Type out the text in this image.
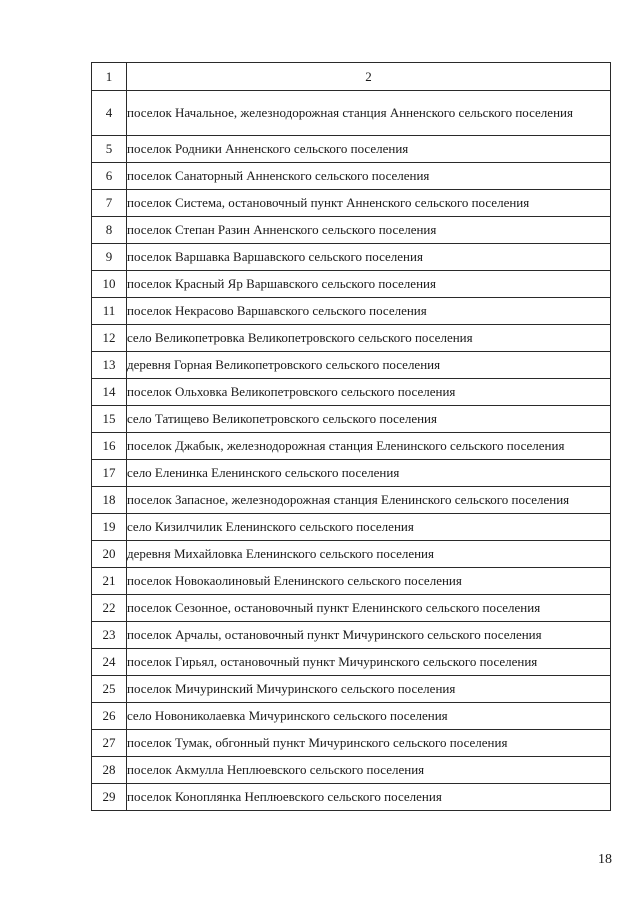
1	2
4	поселок Начальное, железнодорожная станция Анненского сельского поселения
5	поселок Родники Анненского сельского поселения
6	поселок Санаторный Анненского сельского поселения
7	поселок Система, остановочный пункт Анненского сельского поселения
8	поселок Степан Разин Анненского сельского поселения
9	поселок Варшавка Варшавского сельского поселения
10	поселок Красный Яр Варшавского сельского поселения
11	поселок Некрасово Варшавского сельского поселения
12	село Великопетровка Великопетровского сельского поселения
13	деревня Горная Великопетровского сельского поселения
14	поселок Ольховка Великопетровского сельского поселения
15	село Татищево Великопетровского сельского поселения
16	поселок Джабык, железнодорожная станция Еленинского сельского поселения
17	село Еленинка Еленинского сельского поселения
18	поселок Запасное, железнодорожная станция Еленинского сельского поселения
19	село Кизилчилик Еленинского сельского поселения
20	деревня Михайловка Еленинского сельского поселения
21	поселок Новокаолиновый Еленинского сельского поселения
22	поселок Сезонное, остановочный пункт Еленинского сельского поселения
23	поселок Арчалы, остановочный пункт Мичуринского сельского поселения
24	поселок Гирьял, остановочный пункт Мичуринского сельского поселения
25	поселок Мичуринский Мичуринского сельского поселения
26	село Новониколаевка Мичуринского сельского поселения
27	поселок Тумак, обгонный пункт Мичуринского сельского поселения
28	поселок Акмулла Неплюевского сельского поселения
29	поселок Коноплянка Неплюевского сельского поселения
18
